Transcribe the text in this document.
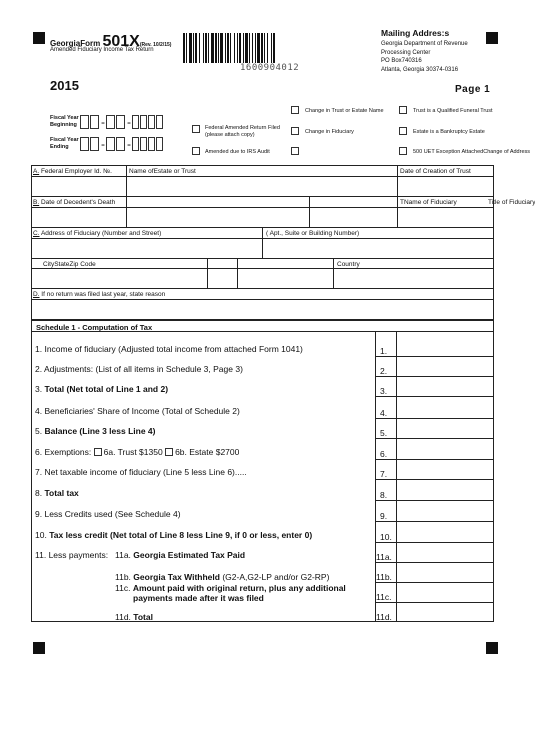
GeorgiaForm 501X(Rev. 10/2/15)
Amended Fiduciary Income Tax Return
2015
1600904012
Mailing Addres:s
Georgia Department of Revenue
Processing Center
PO Box740316
Atlanta, Georgia 30374-0316
Page 1
Fiscal Year
Beginning	- -
Fiscal Year
Ending	- -
Federal Amended Return Filed
(please attach copy)
Amended due to IRS Audit
Change in Trust or Estate Name
Change in Fiduciary
Trust is a Qualified Funeral Trust
Estate is a Bankruptcy Estate
500 UET Exception AttachedChange of Address
A. Federal Employer Id. №.	Name ofEstate or Trust	Date of Creation of Trust
B. Date of Decedent's Death	TName of Fiduciary	Title of Fiduciary
C. Address of Fiduciary (Number and Street)	( Apt., Suite or Building Number)
CityStateZip Code	Country
D. If no return was filed last year, state reason
Schedule 1 - Computation of Tax
1. Income of fiduciary (Adjusted total income from attached Form 1041)	1.
2. Adjustments: (List of all items in Schedule 3, Page 3)	2.
3. Total (Net total of Line 1 and 2)	3.
4. Beneficiaries' Share of Income (Total of Schedule 2)	4.
5. Balance (Line 3 less Line 4)	5.
6. Exemptions: 6a. Trust $1350 6b. Estate $2700	6.
7. Net taxable income of fiduciary (Line 5 less Line 6).....	7.
8. Total tax	8.
9. Less Credits used (See Schedule 4)	9.
10. Tax less credit (Net total of Line 8 less Line 9, if 0 or less, enter 0)	10.
11. Less payments: 11a. Georgia Estimated Tax Paid	11a.
11b. Georgia Tax Withheld (G2-A,G2-LP and/or G2-RP)	11b.
11c. Amount paid with original return, plus any additional
payments made after it was filed	11c.
11d. Total	11d.
